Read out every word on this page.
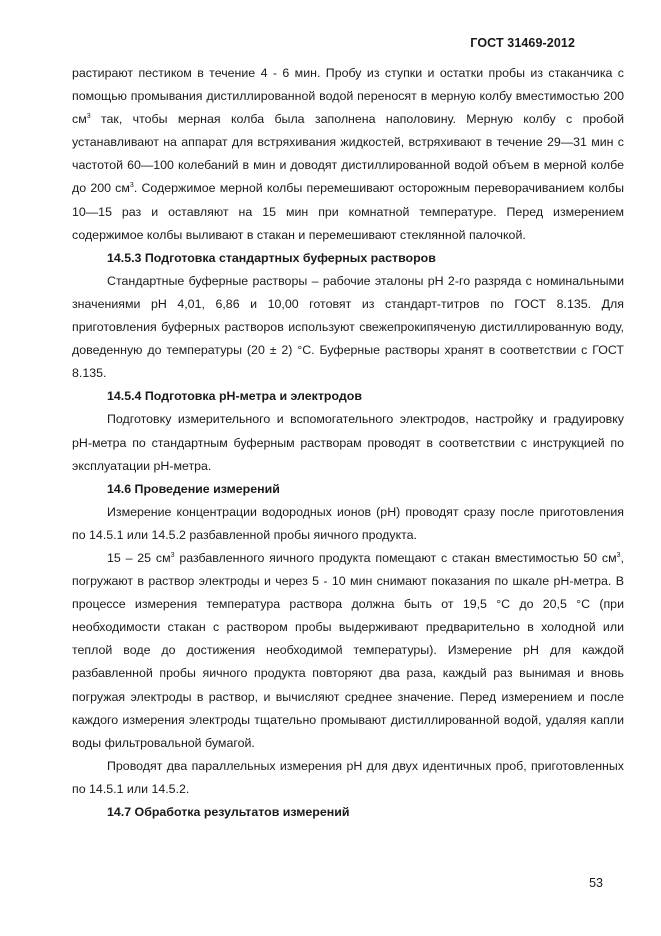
ГОСТ 31469-2012

растирают пестиком в течение 4 - 6 мин. Пробу из ступки и остатки пробы из стаканчика с помощью промывания дистиллированной водой переносят в мерную колбу вместимостью 200 $см^3$ так, чтобы мерная колба была заполнена наполовину. Мерную колбу с пробой устанавливают на аппарат для встряхивания жидкостей, встряхивают в течение 29—31 мин с частотой 60—100 колебаний в мин и доводят дистиллированной водой объем в мерной колбе до 200 $см^3$. Содержимое мерной колбы перемешивают осторожным переворачиванием колбы 10—15 раз и оставляют на 15 мин при комнатной температуре. Перед измерением содержимое колбы выливают в стакан и перемешивают стеклянной палочкой.

14.5.3 Подготовка стандартных буферных растворов

Стандартные буферные растворы – рабочие эталоны рН 2-го разряда с номинальными значениями рН 4,01, 6,86 и 10,00 готовят из стандарт-титров по ГОСТ 8.135. Для приготовления буферных растворов используют свежепрокипяченую дистиллированную воду, доведенную до температуры (20 ± 2) °С. Буферные растворы хранят в соответствии с ГОСТ 8.135.

14.5.4 Подготовка рН-метра и электродов

Подготовку измерительного и вспомогательного электродов, настройку и градуировку рН-метра по стандартным буферным растворам проводят в соответствии с инструкцией по эксплуатации рН-метра.

14.6 Проведение измерений

Измерение концентрации водородных ионов (рН) проводят сразу после приготовления по 14.5.1 или 14.5.2 разбавленной пробы яичного продукта.

15 – 25 $см^3$ разбавленного яичного продукта помещают с стакан вместимостью 50 $см^3$, погружают в раствор электроды и через 5 - 10 мин снимают показания по шкале рН-метра. В процессе измерения температура раствора должна быть от 19,5 °С до 20,5 °С (при необходимости стакан с раствором пробы выдерживают предварительно в холодной или теплой воде до достижения необходимой температуры). Измерение рН для каждой разбавленной пробы яичного продукта повторяют два раза, каждый раз вынимая и вновь погружая электроды в раствор, и вычисляют среднее значение. Перед измерением и после каждого измерения электроды тщательно промывают дистиллированной водой, удаляя капли воды фильтровальной бумагой.

Проводят два параллельных измерения рН для двух идентичных проб, приготовленных по 14.5.1 или 14.5.2.

14.7 Обработка результатов измерений

53
